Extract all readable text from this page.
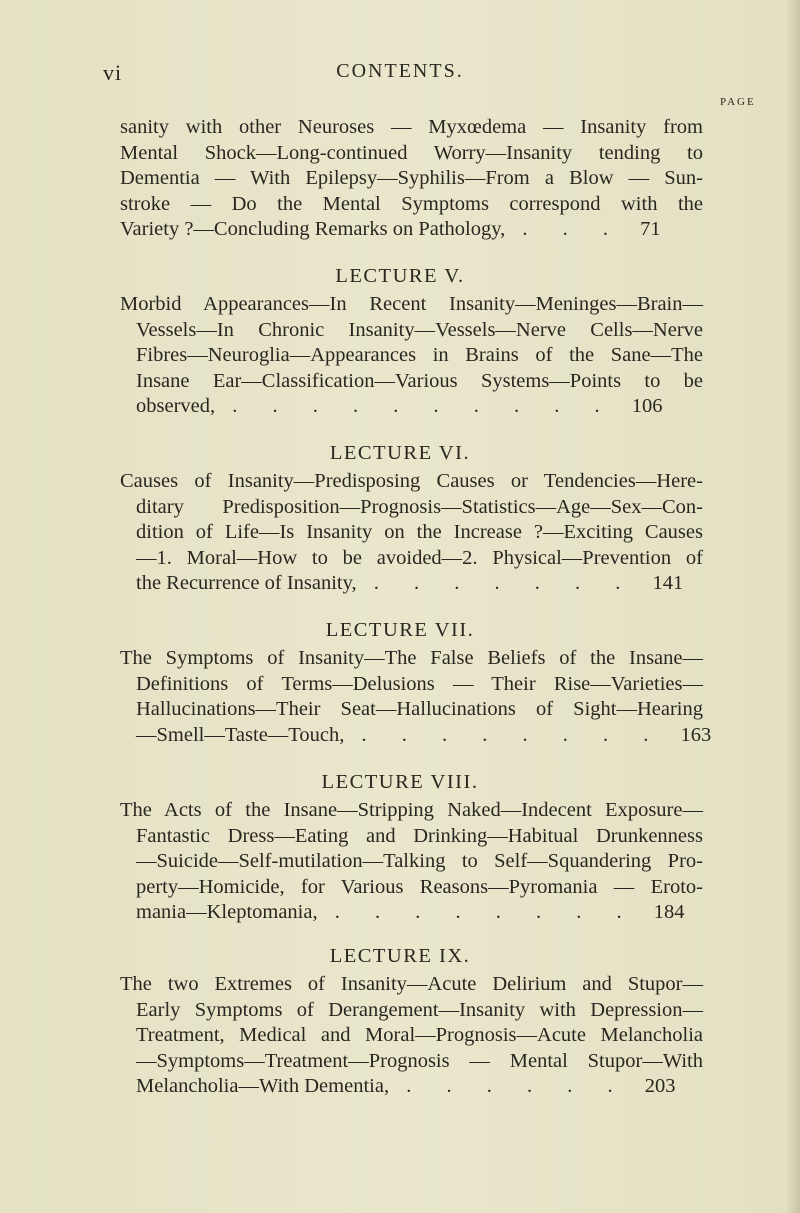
vi	CONTENTS.
PAGE
sanity with other Neuroses — Myxœdema — Insanity from
Mental Shock—Long-continued Worry—Insanity tending to
Dementia — With Epilepsy—Syphilis—From a Blow — Sun-
stroke — Do the Mental Symptoms correspond with the
Variety ?—Concluding Remarks on Pathology, . . . 71
LECTURE V.
Morbid Appearances—In Recent Insanity—Meninges—Brain—
Vessels—In Chronic Insanity—Vessels—Nerve Cells—Nerve
Fibres—Neuroglia—Appearances in Brains of the Sane—The
Insane Ear—Classification—Various Systems—Points to be
observed, . . . . . . . . . . 106
LECTURE VI.
Causes of Insanity—Predisposing Causes or Tendencies—Here-
ditary Predisposition—Prognosis—Statistics—Age—Sex—Con-
dition of Life—Is Insanity on the Increase ?—Exciting Causes
—1. Moral—How to be avoided—2. Physical—Prevention of
the Recurrence of Insanity, . . . . . . . 141
LECTURE VII.
The Symptoms of Insanity—The False Beliefs of the Insane—
Definitions of Terms—Delusions — Their Rise—Varieties—
Hallucinations—Their Seat—Hallucinations of Sight—Hearing
—Smell—Taste—Touch, . . . . . . . . 163
LECTURE VIII.
The Acts of the Insane—Stripping Naked—Indecent Exposure—
Fantastic Dress—Eating and Drinking—Habitual Drunkenness
—Suicide—Self-mutilation—Talking to Self—Squandering Pro-
perty—Homicide, for Various Reasons—Pyromania — Eroto-
mania—Kleptomania, . . . . . . . . 184
LECTURE IX.
The two Extremes of Insanity—Acute Delirium and Stupor—
Early Symptoms of Derangement—Insanity with Depression—
Treatment, Medical and Moral—Prognosis—Acute Melancholia
—Symptoms—Treatment—Prognosis — Mental Stupor—With
Melancholia—With Dementia, . . . . . . 203
